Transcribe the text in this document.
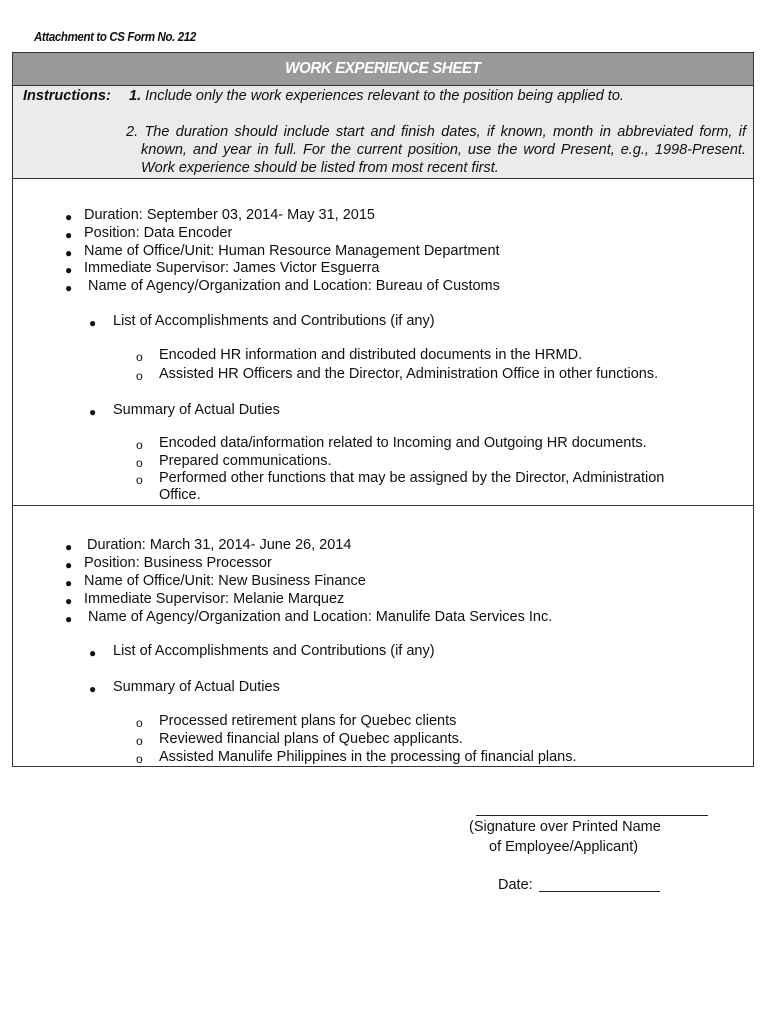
Attachment to CS Form No. 212
WORK EXPERIENCE SHEET
Instructions: 1. Include only the work experiences relevant to the position being applied to.
2. The duration should include start and finish dates, if known, month in abbreviated form, if known, and year in full. For the current position, use the word Present, e.g., 1998-Present. Work experience should be listed from most recent first.
● Duration: September 03, 2014- May 31, 2015
● Position: Data Encoder
● Name of Office/Unit: Human Resource Management Department
● Immediate Supervisor: James Victor Esguerra
● Name of Agency/Organization and Location: Bureau of Customs
● List of Accomplishments and Contributions (if any)
o Encoded HR information and distributed documents in the HRMD.
o Assisted HR Officers and the Director, Administration Office in other functions.
● Summary of Actual Duties
o Encoded data/information related to Incoming and Outgoing HR documents.
o Prepared communications.
o Performed other functions that may be assigned by the Director, Administration
Office.
● Duration: March 31, 2014- June 26, 2014
● Position: Business Processor
● Name of Office/Unit: New Business Finance
● Immediate Supervisor: Melanie Marquez
● Name of Agency/Organization and Location: Manulife Data Services Inc.
● List of Accomplishments and Contributions (if any)
● Summary of Actual Duties
o Processed retirement plans for Quebec clients
o Reviewed financial plans of Quebec applicants.
o Assisted Manulife Philippines in the processing of financial plans.
(Signature over Printed Name
of Employee/Applicant)
Date:
